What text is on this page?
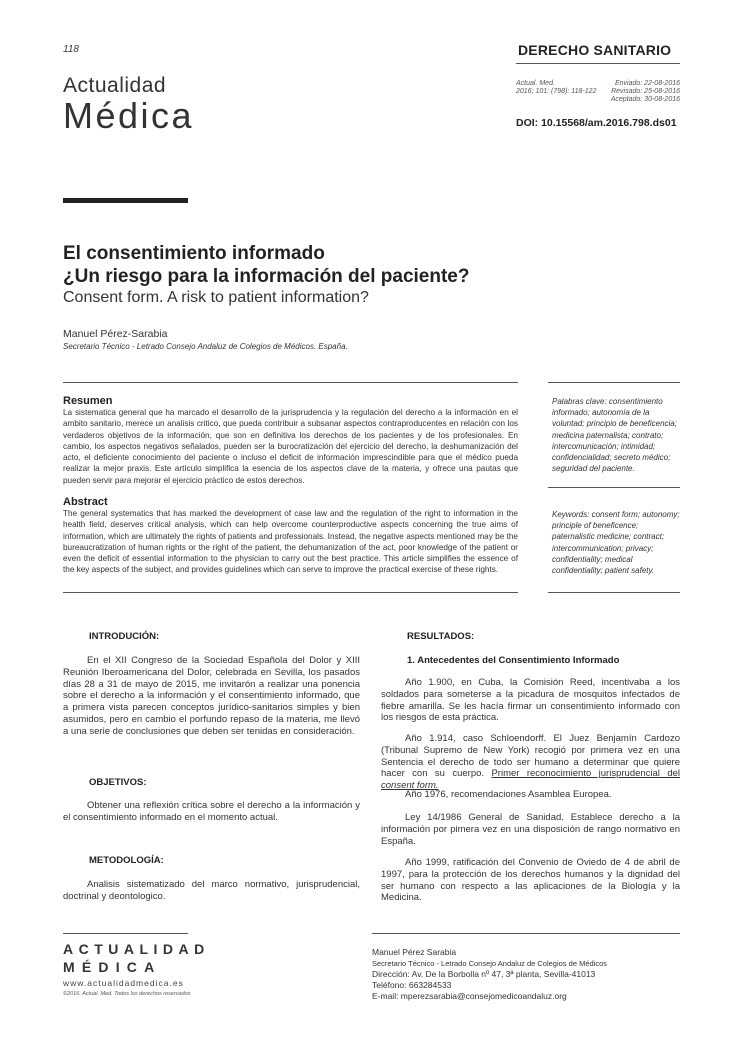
118	DERECHO SANITARIO
Actualidad
Médica
Actual. Med.
2016; 101: (798): 118-122
Enviado: 22-08-2016
Revisado: 25-08-2016
Aceptado: 30-08-2016
DOI: 10.15568/am.2016.798.ds01
El consentimiento informado
¿Un riesgo para la información del paciente?
Consent form. A risk to patient information?
Manuel Pérez-Sarabia
Secretario Técnico - Letrado Consejo Andaluz de Colegios de Médicos. España.
Resumen
La sistematica general que ha marcado el desarrollo de la jurisprudencia y la regulación del derecho a la información en el ambito sanitario, merece un analisis critico, que pueda contribuir a subsanar aspectos contraproducentes en relación con los verdaderos objetivos de la información, que son en definitiva los derechos de los pacientes y de los profesionales. En cambio, los aspectos negativos señalados, pueden ser la burocratización del ejercicio del derecho, la deshumanización del acto, el deficiente conocimiento del paciente o incluso el deficit de información imprescindible para que el médico pueda realizar la mejor praxis. Este artículo simplifica la esencia de los aspectos clave de la materia, y ofrece una pautas que pueden servir para mejorar el ejercicio práctico de estos derechos.
Palabras clave: consentimiento informado; autonomía de la voluntad; principio de beneficencia; medicina paternalista; contrato; intercomunicación; intimidad; confidencialidad; secreto médico; seguridad del paciente.
Abstract
The general systematics that has marked the development of case law and the regulation of the right to information in the health field, deserves critical analysis, which can help overcome counterproductive aspects concerning the true aims of information, which are ultimately the rights of patients and professionals. Instead, the negative aspects mentioned may be the bureaucratization of human rights or the right of the patient, the dehumanization of the act, poor knowledge of the patient or even the deficit of essential information to the physician to carry out the best practice. This article simplifies the essence of the key aspects of the subject, and provides guidelines which can serve to improve the practical exercise of these rights.
Keywords: consent form; autonomy; principle of beneficence; paternalistic medicine; contract; intercommunication; privacy; confidentiality; medical confidentiality; patient safety.
INTRODUCIÓN:
En el XII Congreso de la Sociedad Española del Dolor y XIII Reunión Iberoamericana del Dolor, celebrada en Sevilla, los pasados días 28 a 31 de mayo de 2015, me invitarón a realizar una ponencia sobre el derecho a la información y el consentimiento informado, que a primera vista parecen conceptos jurídico-sanitarios simples y bien asumidos, pero en cambio el porfundo repaso de la materia, me llevó a una serie de conclusiones que deben ser tenidas en consideración.
OBJETIVOS:
Obtener una reflexión crítica sobre el derecho a la información y el consentimiento informado en el momento actual.
METODOLOGÍA:
Analisis sistematizado del marco normativo, jurisprudencial, doctrinal y deontologico.
RESULTADOS:
1. Antecedentes del Consentimiento Informado
Año 1.900, en Cuba, la Comisión Reed, incentivaba a los soldados para someterse a la picadura de mosquitos infectados de fiebre amarilla. Se les hacía firmar un consentimiento informado con los riesgos de esta práctica.
Año 1.914, caso Schloendorff. El Juez Benjamín Cardozo (Tribunal Supremo de New York) recogió por primera vez en una Sentencia el derecho de todo ser humano a determinar que quiere hacer con su cuerpo. Primer reconocimiento jurisprudencial del consent form.
Año 1976, recomendaciones Asamblea Europea.
Ley 14/1986 General de Sanidad. Establece derecho a la información por pimera vez en una disposición de rango normativo en España.
Año 1999, ratificación del Convenio de Oviedo de 4 de abril de 1997, para la protección de los derechos humanos y la dignidad del ser humano con respecto a las aplicaciones de la Biología y la Medicina.
ACTUALIDAD
MÉDICA
www.actualidadmedica.es
©2016. Actual. Med. Todos los derechos reservados
Manuel Pérez Sarabia
Secretario Técnico - Letrado Consejo Andaluz de Colegios de Médicos
Dirección: Av. De la Borbolla nº 47, 3ª planta, Sevilla-41013
Teléfono: 663284533
E-mail: mperezsarabia@consejomedicoandaluz.org
